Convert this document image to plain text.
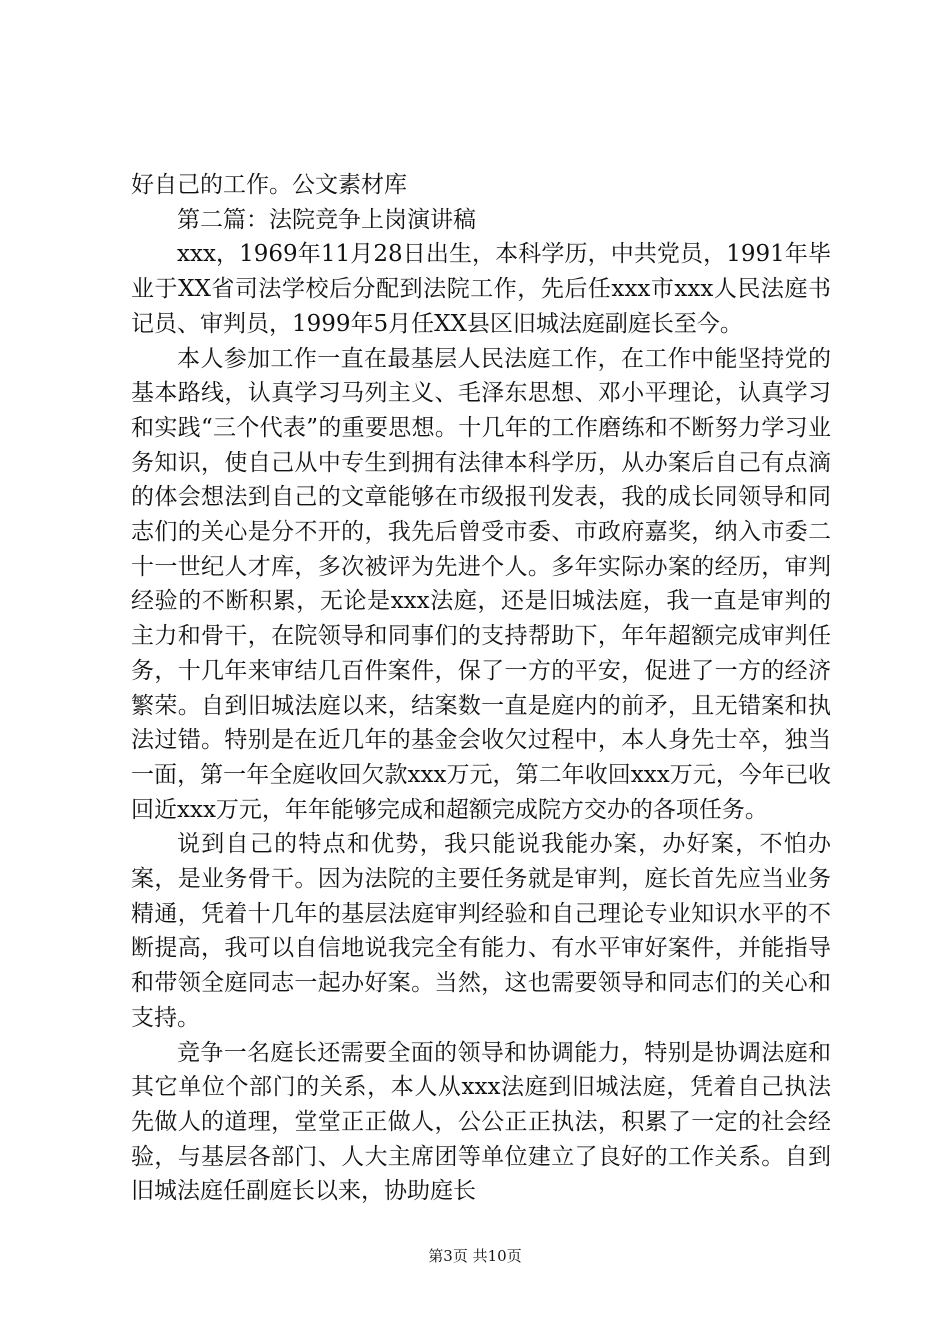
好自己的工作。公文素材库

第二篇：法院竞争上岗演讲稿

xxx，1969年11月28日出生，本科学历，中共党员，1991年毕业于XX省司法学校后分配到法院工作，先后任xxx市xxx人民法庭书记员、审判员，1999年5月任XX县区旧城法庭副庭长至今。

本人参加工作一直在最基层人民法庭工作，在工作中能坚持党的基本路线，认真学习马列主义、毛泽东思想、邓小平理论，认真学习和实践“三个代表”的重要思想。十几年的工作磨练和不断努力学习业务知识，使自己从中专生到拥有法律本科学历，从办案后自己有点滴的体会想法到自己的文章能够在市级报刊发表，我的成长同领导和同志们的关心是分不开的，我先后曾受市委、市政府嘉奖，纳入市委二十一世纪人才库，多次被评为先进个人。多年实际办案的经历，审判经验的不断积累，无论是xxx法庭，还是旧城法庭，我一直是审判的主力和骨干，在院领导和同事们的支持帮助下，年年超额完成审判任务，十几年来审结几百件案件，保了一方的平安，促进了一方的经济繁荣。自到旧城法庭以来，结案数一直是庭内的前矛，且无错案和执法过错。特别是在近几年的基金会收欠过程中，本人身先士卒，独当一面，第一年全庭收回欠款xxx万元，第二年收回xxx万元，今年已收回近xxx万元，年年能够完成和超额完成院方交办的各项任务。

说到自己的特点和优势，我只能说我能办案，办好案，不怕办案，是业务骨干。因为法院的主要任务就是审判，庭长首先应当业务精通，凭着十几年的基层法庭审判经验和自己理论专业知识水平的不断提高，我可以自信地说我完全有能力、有水平审好案件，并能指导和带领全庭同志一起办好案。当然，这也需要领导和同志们的关心和支持。

竞争一名庭长还需要全面的领导和协调能力，特别是协调法庭和其它单位个部门的关系，本人从xxx法庭到旧城法庭，凭着自己执法先做人的道理，堂堂正正做人，公公正正执法，积累了一定的社会经验，与基层各部门、人大主席团等单位建立了良好的工作关系。自到旧城法庭任副庭长以来，协助庭长

第3页 共10页
